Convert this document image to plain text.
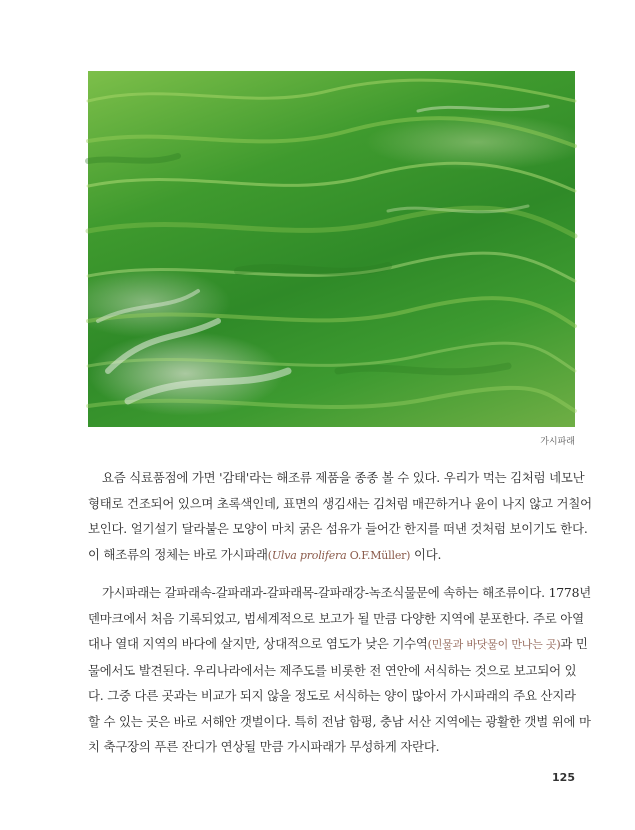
가시파래

요즘 식료품점에 가면 '감태'라는 해조류 제품을 종종 볼 수 있다. 우리가 먹는 김처럼 네모난
형태로 건조되어 있으며 초록색인데, 표면의 생김새는 김처럼 매끈하거나 윤이 나지 않고 거칠어
보인다. 얼기설기 달라붙은 모양이 마치 굵은 섬유가 들어간 한지를 떠낸 것처럼 보이기도 한다.
이 해조류의 정체는 바로 가시파래(Ulva prolifera O.F.Müller) 이다.

가시파래는 갈파래속-갈파래과-갈파래목-갈파래강-녹조식물문에 속하는 해조류이다. 1778년
덴마크에서 처음 기록되었고, 범세계적으로 보고가 될 만큼 다양한 지역에 분포한다. 주로 아열
대나 열대 지역의 바다에 살지만, 상대적으로 염도가 낮은 기수역(민물과 바닷물이 만나는 곳)과 민
물에서도 발견된다. 우리나라에서는 제주도를 비롯한 전 연안에 서식하는 것으로 보고되어 있
다. 그중 다른 곳과는 비교가 되지 않을 정도로 서식하는 양이 많아서 가시파래의 주요 산지라
할 수 있는 곳은 바로 서해안 갯벌이다. 특히 전남 함평, 충남 서산 지역에는 광활한 갯벌 위에 마
치 축구장의 푸른 잔디가 연상될 만큼 가시파래가 무성하게 자란다.

125
